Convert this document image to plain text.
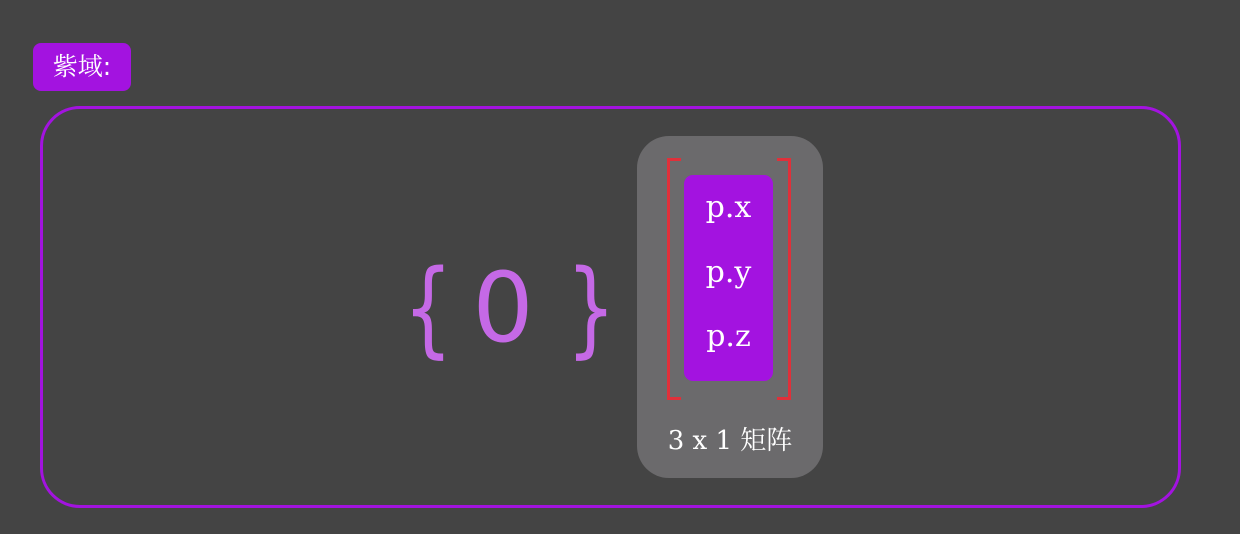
紫域:
{ }
0
p.x
p.y
p.z
3 x 1 矩阵
